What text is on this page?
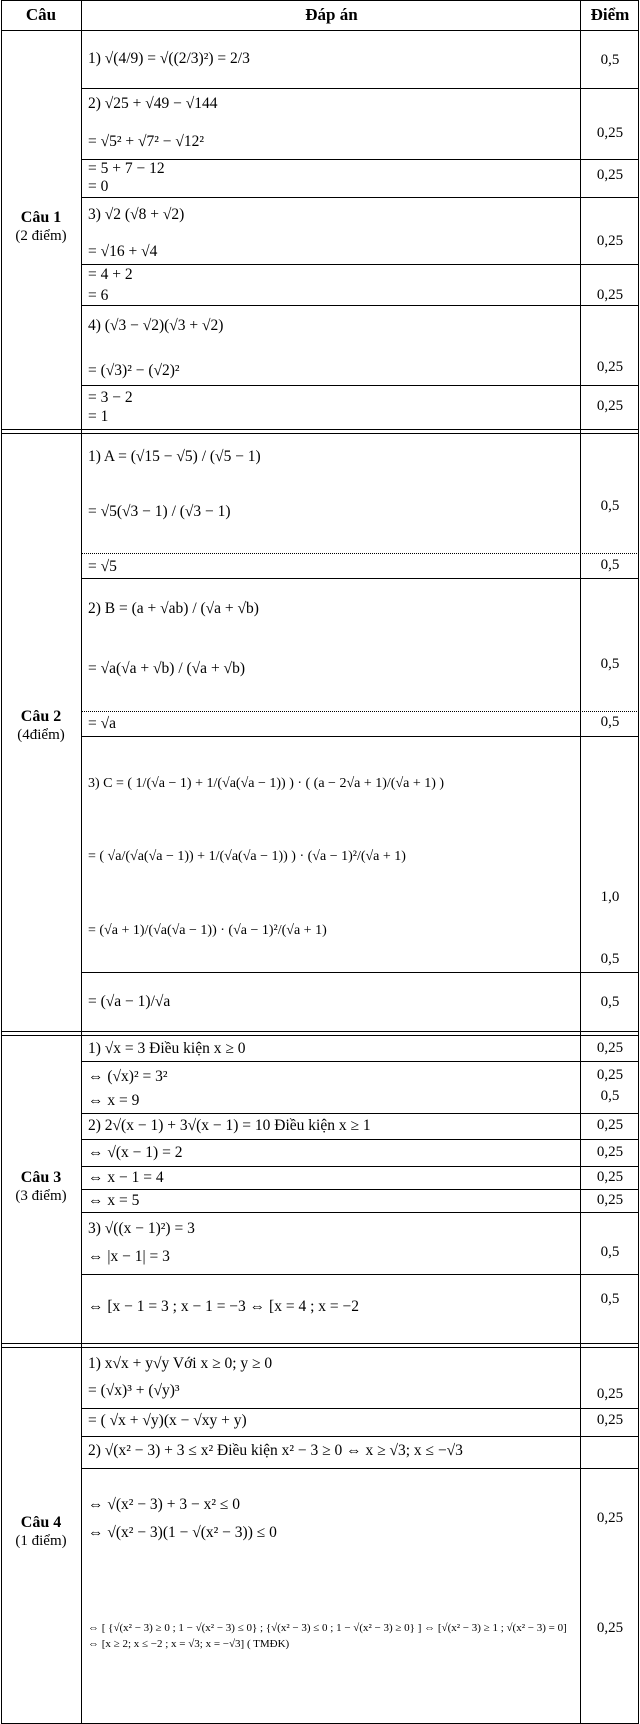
Câu	Đáp án	Điểm
Câu 1
(2 điểm)
Câu 2
(4điểm)
Câu 3
(3 điểm)
Câu 4
(1 điểm)
1) √(4/9) = √((2/3)²) = 2/3
2) √25 + √49 − √144
= √5² + √7² − √12²
= 5 + 7 − 12
= 0
3) √2 (√8 + √2)
= √16 + √4
= 4 + 2
= 6
4) (√3 − √2)(√3 + √2)
= (√3)² − (√2)²
= 3 − 2
= 1
0,5
0,25
0,25
0,25
0,25
0,25
0,25
1) A = (√15 − √5) / (√5 − 1)
= √5(√3 − 1) / (√3 − 1)
= √5
2) B = (a + √ab) / (√a + √b)
= √a(√a + √b) / (√a + √b)
= √a
3) C = ( 1/(√a − 1) + 1/(√a(√a − 1)) ) · ( (a − 2√a + 1)/(√a + 1) )
= ( √a/(√a(√a − 1)) + 1/(√a(√a − 1)) ) · (√a − 1)²/(√a + 1)
= (√a + 1)/(√a(√a − 1)) · (√a − 1)²/(√a + 1)
= (√a − 1)/√a
0,5
0,5
0,5
0,5
1,0
0,5
0,5
1) √x = 3 Điều kiện x ≥ 0
⇔ (√x)² = 3²
⇔ x = 9
2) 2√(x − 1) + 3√(x − 1) = 10 Điều kiện x ≥ 1
⇔ √(x − 1) = 2
⇔ x − 1 = 4
⇔ x = 5
3) √((x − 1)²) = 3
⇔ |x − 1| = 3
⇔ [x − 1 = 3 ; x − 1 = −3 ⇔ [x = 4 ; x = −2
0,25
0,25
0,5
0,25
0,25
0,25
0,25
0,5
0,5
1) x√x + y√y Với x ≥ 0; y ≥ 0
= (√x)³ + (√y)³
= ( √x + √y)(x − √xy + y)
2) √(x² − 3) + 3 ≤ x² Điều kiện x² − 3 ≥ 0 ⇔ x ≥ √3; x ≤ −√3
⇔ √(x² − 3) + 3 − x² ≤ 0
⇔ √(x² − 3)(1 − √(x² − 3)) ≤ 0
⇔ [ {√(x² − 3) ≥ 0 ; 1 − √(x² − 3) ≤ 0} ; {√(x² − 3) ≤ 0 ; 1 − √(x² − 3) ≥ 0} ] ⇔ [√(x² − 3) ≥ 1 ; √(x² − 3) = 0] ⇔ [x ≥ 2; x ≤ −2 ; x = √3; x = −√3] ( TMĐK)
0,25
0,25
0,25
0,25
